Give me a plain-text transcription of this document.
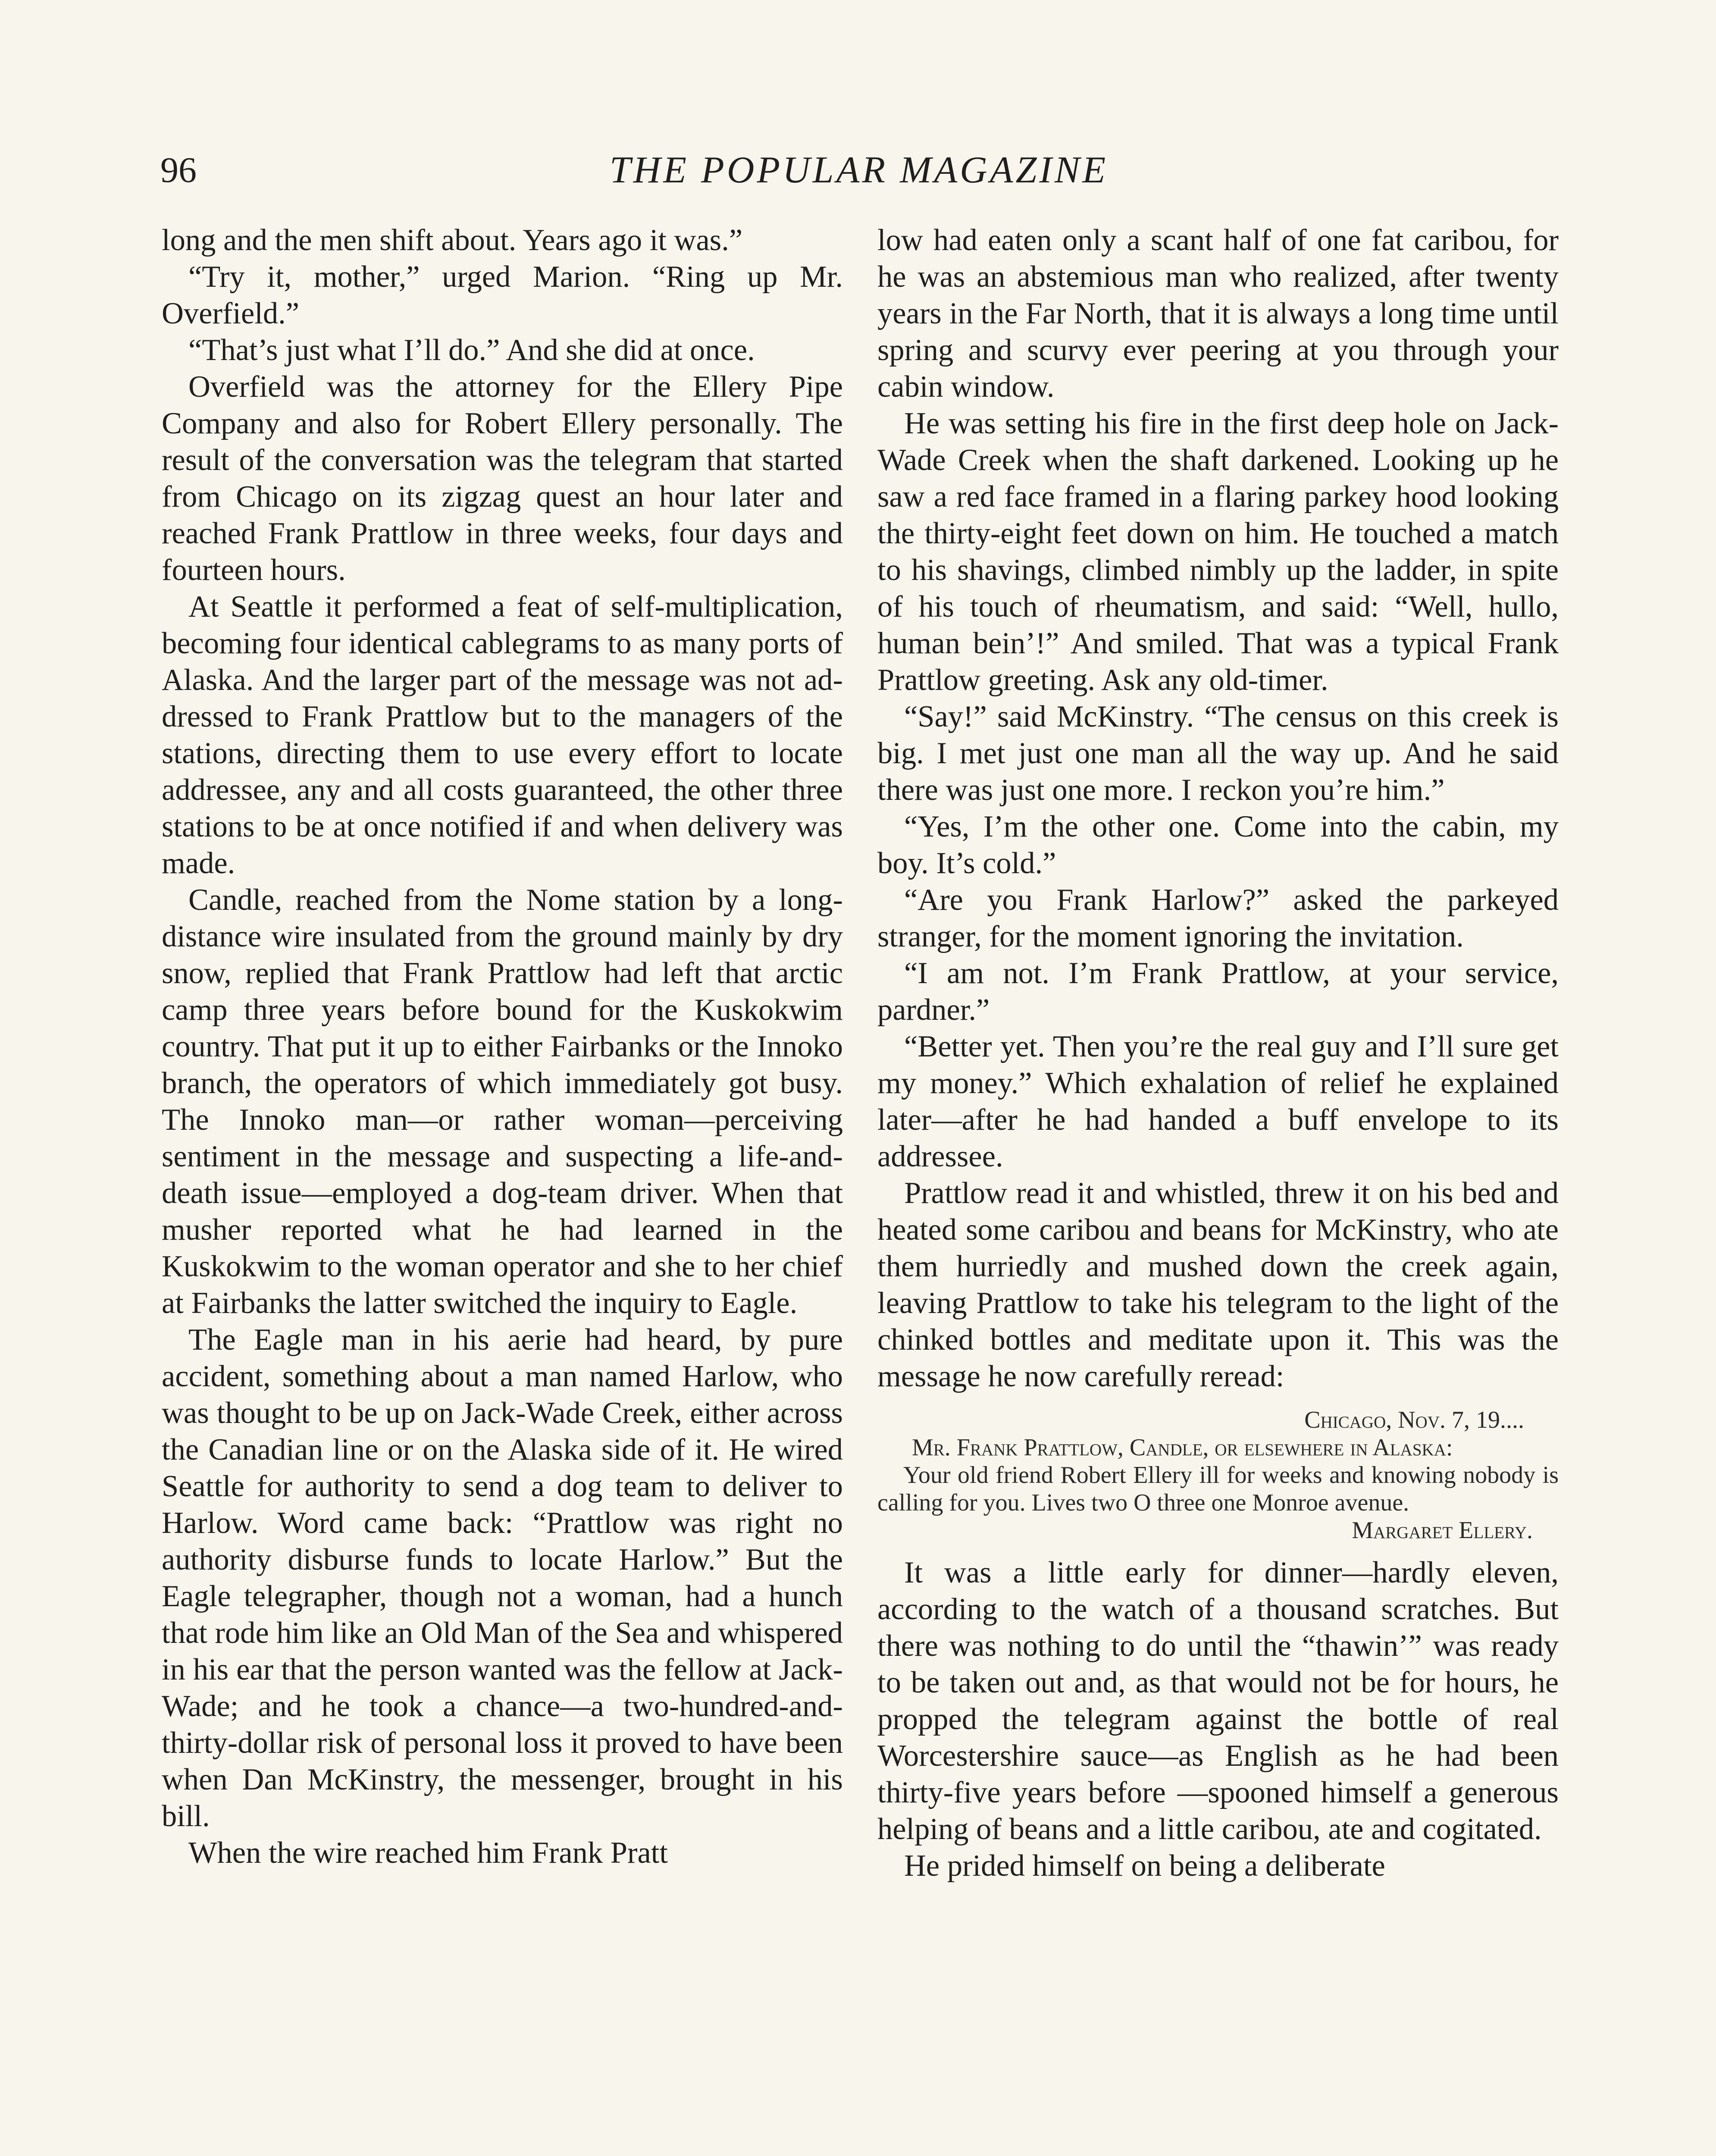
96	THE POPULAR MAGAZINE

long and the men shift about. Years ago it was.”

“Try it, mother,” urged Marion. “Ring up Mr. Overfield.”

“That’s just what I’ll do.” And she did at once.

Overfield was the attorney for the Ellery Pipe Company and also for Robert Ellery personally. The result of the conversation was the telegram that started from Chicago on its zigzag quest an hour later and reached Frank Prattlow in three weeks, four days and fourteen hours.

At Seattle it performed a feat of self-multiplication, becoming four identical cablegrams to as many ports of Alaska. And the larger part of the message was not addressed to Frank Prattlow but to the managers of the stations, directing them to use every effort to locate addressee, any and all costs guaranteed, the other three stations to be at once notified if and when delivery was made.

Candle, reached from the Nome station by a long-distance wire insulated from the ground mainly by dry snow, replied that Frank Prattlow had left that arctic camp three years before bound for the Kuskokwim country. That put it up to either Fairbanks or the Innoko branch, the operators of which immediately got busy. The Innoko man—or rather woman—perceiving sentiment in the message and suspecting a life-and-death issue—employed a dog-team driver. When that musher reported what he had learned in the Kuskokwim to the woman operator and she to her chief at Fairbanks the latter switched the inquiry to Eagle.

The Eagle man in his aerie had heard, by pure accident, something about a man named Harlow, who was thought to be up on Jack-Wade Creek, either across the Canadian line or on the Alaska side of it. He wired Seattle for authority to send a dog team to deliver to Harlow. Word came back: “Prattlow was right no authority disburse funds to locate Harlow.” But the Eagle telegrapher, though not a woman, had a hunch that rode him like an Old Man of the Sea and whispered in his ear that the person wanted was the fellow at Jack-Wade; and he took a chance—a two-hundred-and-thirty-dollar risk of personal loss it proved to have been when Dan McKinstry, the messenger, brought in his bill.

When the wire reached him Frank Pratt

low had eaten only a scant half of one fat caribou, for he was an abstemious man who realized, after twenty years in the Far North, that it is always a long time until spring and scurvy ever peering at you through your cabin window.

He was setting his fire in the first deep hole on Jack-Wade Creek when the shaft darkened. Looking up he saw a red face framed in a flaring parkey hood looking the thirty-eight feet down on him. He touched a match to his shavings, climbed nimbly up the ladder, in spite of his touch of rheumatism, and said: “Well, hullo, human bein’!” And smiled. That was a typical Frank Prattlow greeting. Ask any old-timer.

“Say!” said McKinstry. “The census on this creek is big. I met just one man all the way up. And he said there was just one more. I reckon you’re him.”

“Yes, I’m the other one. Come into the cabin, my boy. It’s cold.”

“Are you Frank Harlow?” asked the parkeyed stranger, for the moment ignoring the invitation.

“I am not. I’m Frank Prattlow, at your service, pardner.”

“Better yet. Then you’re the real guy and I’ll sure get my money.” Which exhalation of relief he explained later—after he had handed a buff envelope to its addressee.

Prattlow read it and whistled, threw it on his bed and heated some caribou and beans for McKinstry, who ate them hurriedly and mushed down the creek again, leaving Prattlow to take his telegram to the light of the chinked bottles and meditate upon it. This was the message he now carefully reread:

Chicago, Nov. 7, 19....
Mr. Frank Prattlow, Candle, or elsewhere in Alaska:
Your old friend Robert Ellery ill for weeks and knowing nobody is calling for you. Lives two O three one Monroe avenue.
Margaret Ellery.

It was a little early for dinner—hardly eleven, according to the watch of a thousand scratches. But there was nothing to do until the “thawin’” was ready to be taken out and, as that would not be for hours, he propped the telegram against the bottle of real Worcestershire sauce—as English as he had been thirty-five years before —spooned himself a generous helping of beans and a little caribou, ate and cogitated.

He prided himself on being a deliberate
